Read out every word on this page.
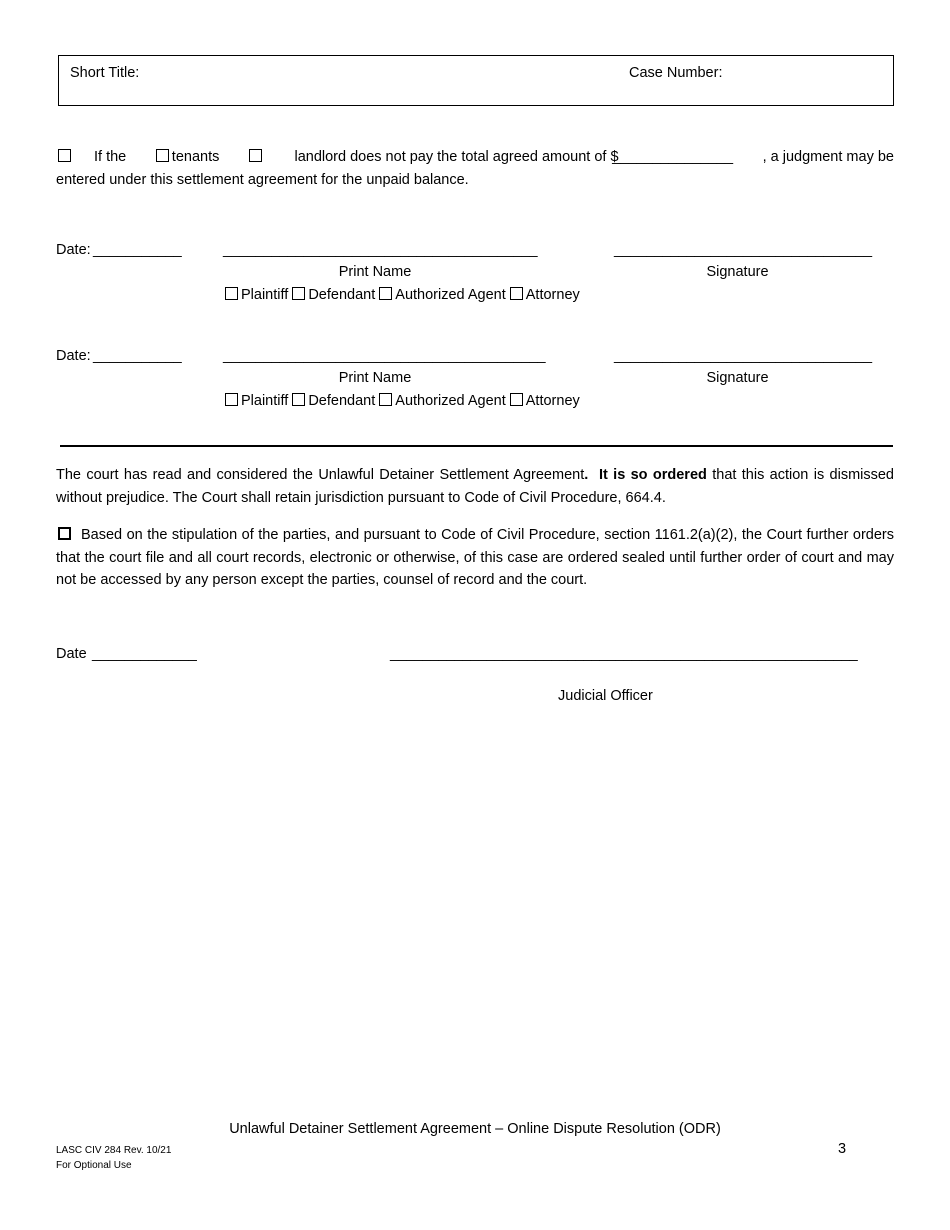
Short Title:	Case Number:
If the	tenants	landlord does not pay the total agreed amount of $
_______________ , a judgment may be
entered under this settlement agreement for the unpaid balance.
Date: ___________	_______________________________________	________________________________
Print Name	Signature
Plaintiff Defendant Authorized Agent Attorney
Date: ___________	________________________________________	________________________________
Print Name	Signature
Plaintiff Defendant Authorized Agent Attorney
The court has read and considered the Unlawful Detainer Settlement Agreement. It is so ordered that this action is dismissed without prejudice. The Court shall retain jurisdiction pursuant to Code of Civil Procedure, 664.4.
Based on the stipulation of the parties, and pursuant to Code of Civil Procedure, section 1161.2(a)(2), the Court further orders that the court file and all court records, electronic or otherwise, of this case are ordered sealed until further order of court and may not be accessed by any person except the parties, counsel of record and the court.
Date _____________	__________________________________________________________
Judicial Officer
Unlawful Detainer Settlement Agreement – Online Dispute Resolution (ODR)
LASC CIV 284 Rev. 10/21
For Optional Use
3
